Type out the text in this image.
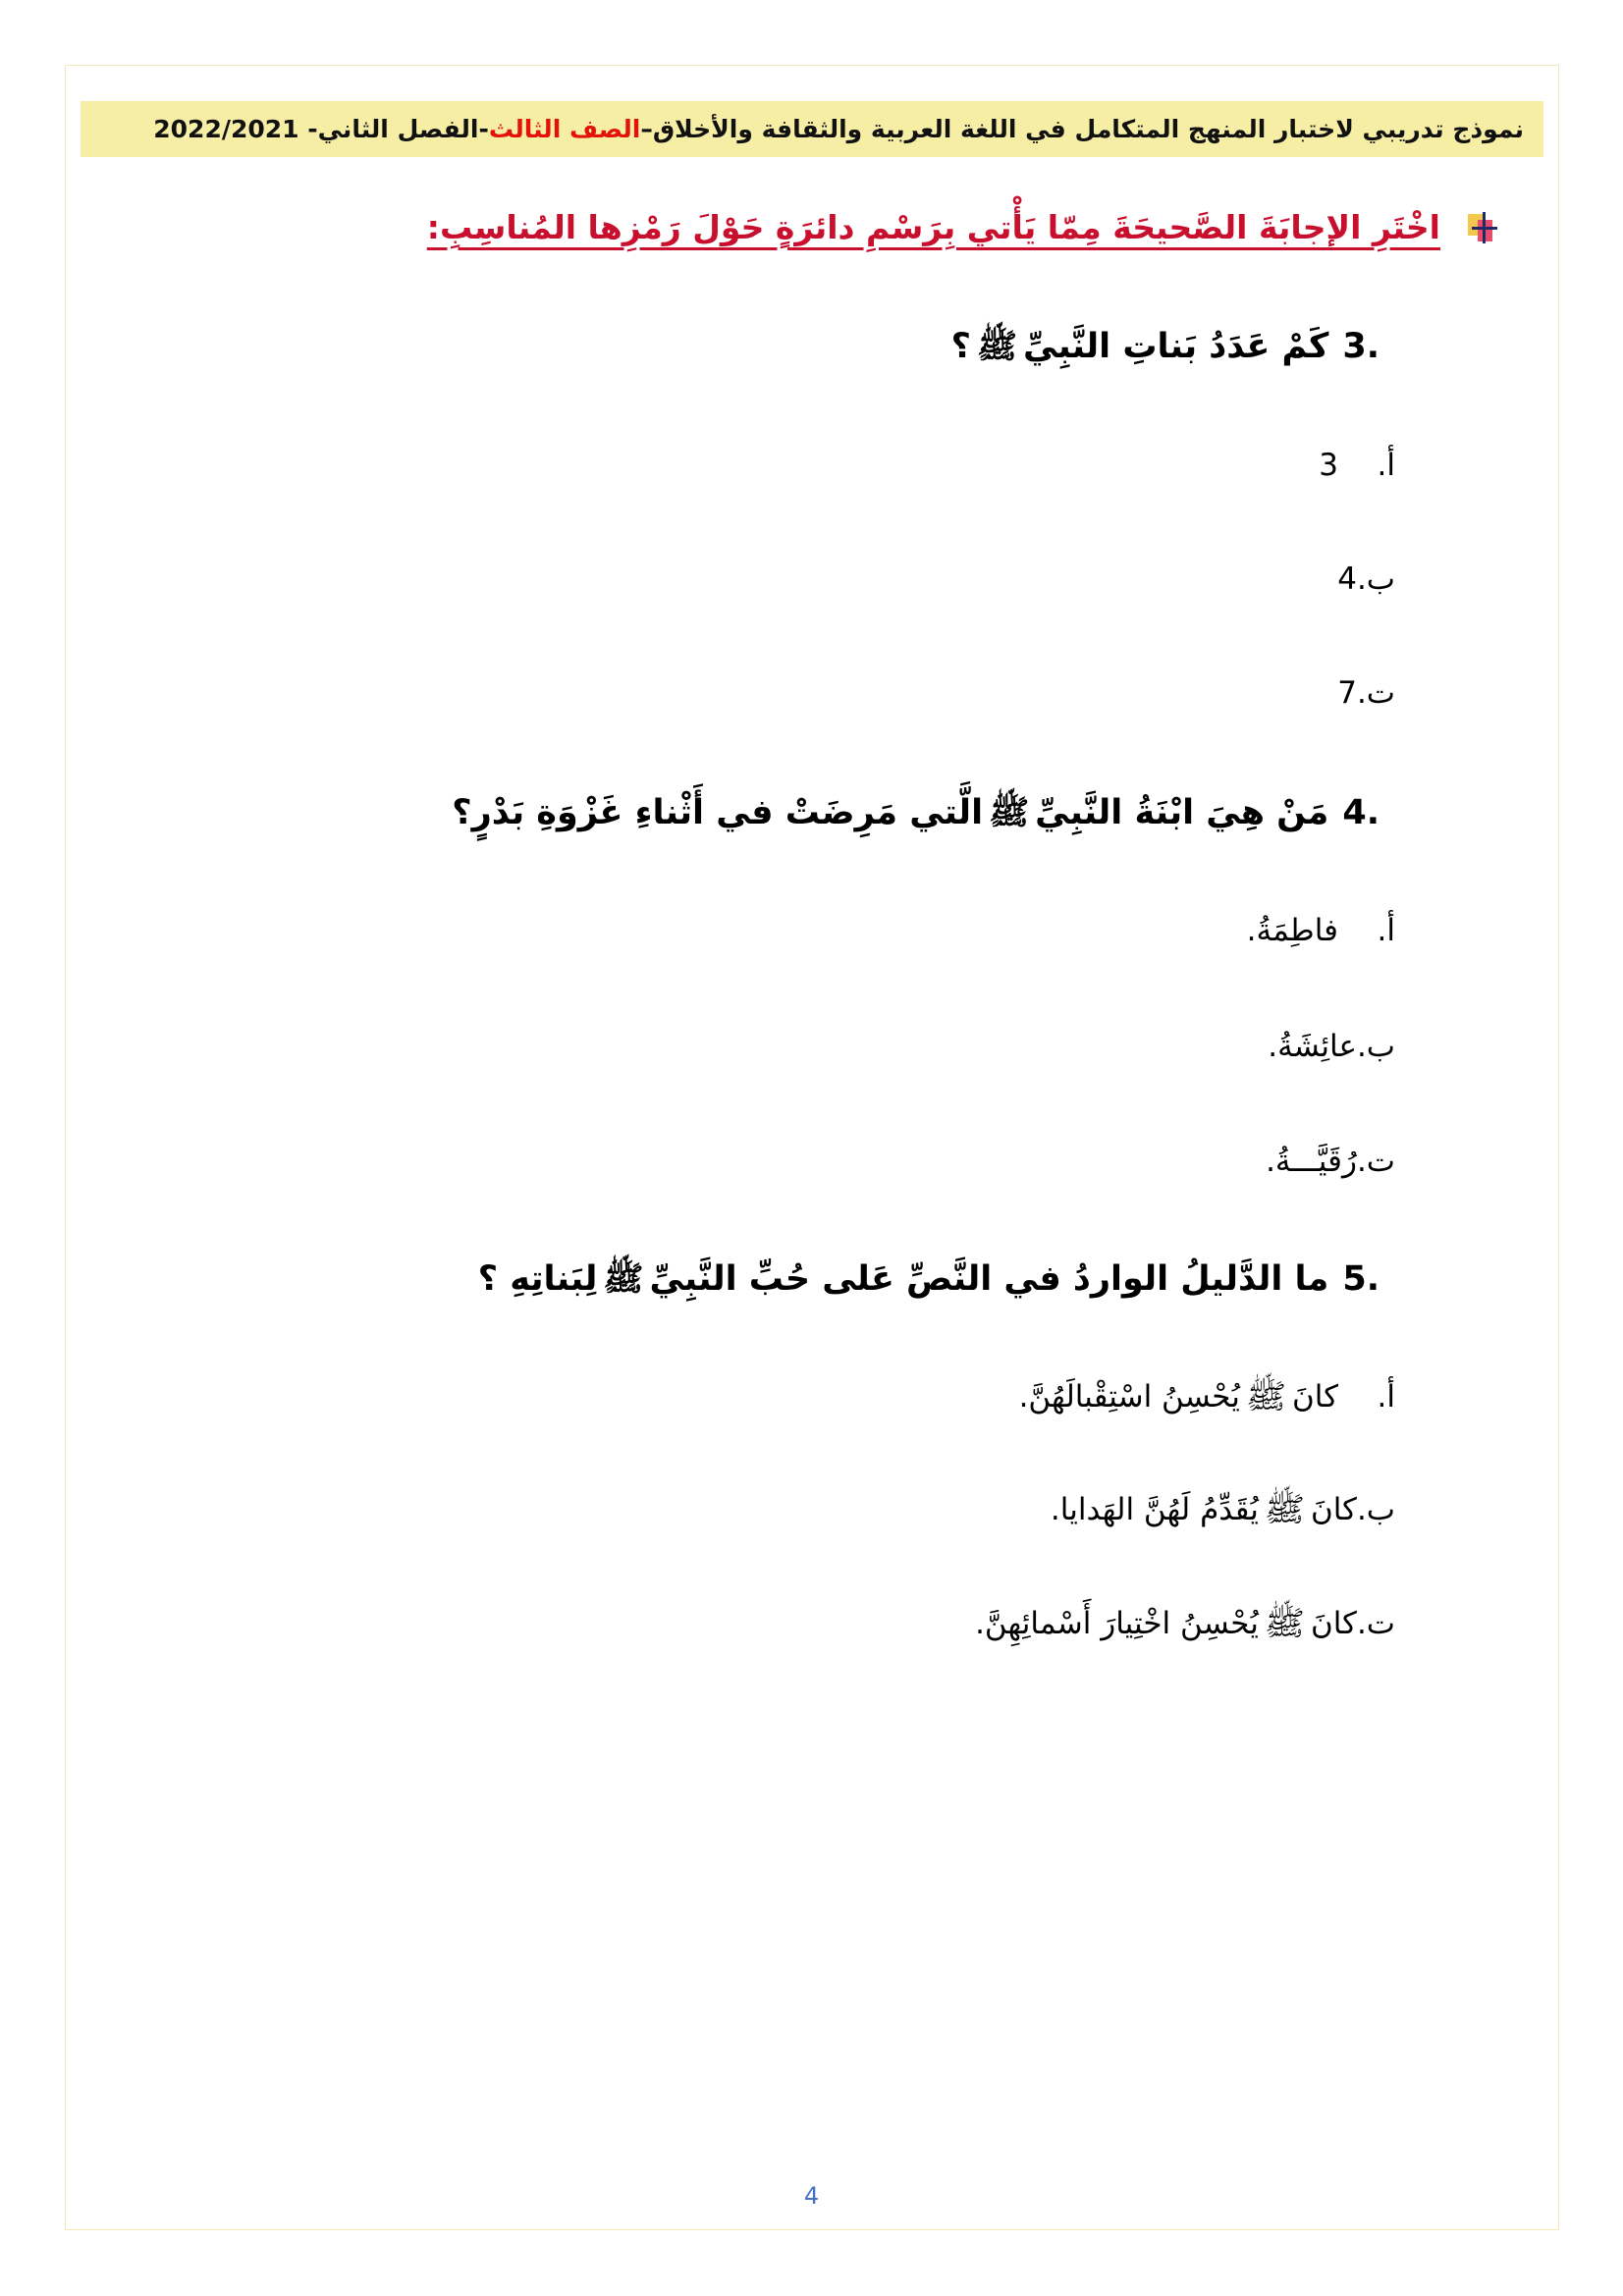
نموذج تدريبي لاختبار المنهج المتكامل في اللغة العربية والثقافة والأخلاق–
الصف الثالث
-الفصل الثاني- 2022/2021
اخْتَرِ الإجابَةَ الصَّحيحَةَ مِمّا يَأْتي بِرَسْمِ دائرَةٍ حَوْلَ رَمْزِها المُناسِبِ:
3.
كَمْ عَدَدُ بَناتِ النَّبِيِّ
ﷺ
؟
أ.
3
ب.
4
ت.
7
4.
مَنْ هِيَ ابْنَةُ النَّبِيِّ
ﷺ
الَّتي مَرِضَتْ في أَثْناءِ غَزْوَةِ بَدْرٍ؟
أ.
فاطِمَةُ.
ب.
عائِشَةُ.
ت.
رُقَيَّـــةُ.
5.
ما الدَّليلُ الواردُ في النَّصِّ عَلى حُبِّ النَّبِيِّ
ﷺ
لِبَناتِهِ ؟
أ.
كانَ
ﷺ
يُحْسِنُ اسْتِقْبالَهُنَّ.
ب.
كانَ
ﷺ
يُقَدِّمُ لَهُنَّ الهَدايا.
ت.
كانَ
ﷺ
يُحْسِنُ اخْتِيارَ أَسْمائِهِنَّ.
4
